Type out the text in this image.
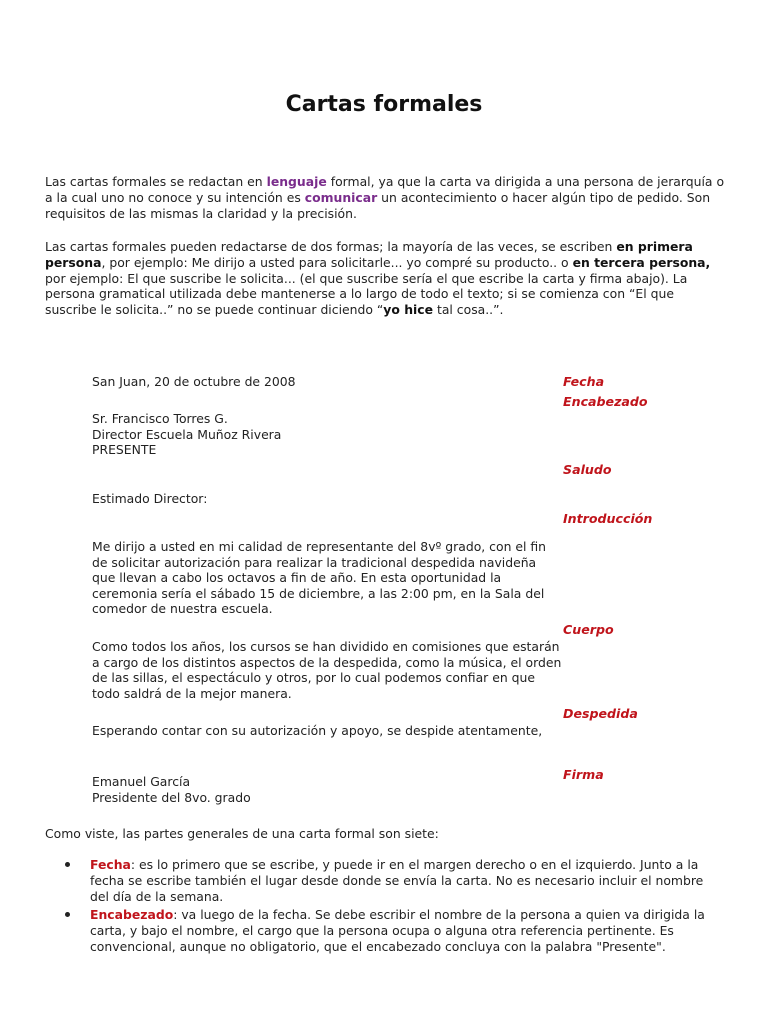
Cartas formales
Las cartas formales se redactan en lenguaje formal, ya que la carta va dirigida a una persona de jerarquía o a la cual uno no conoce y su intención es comunicar un acontecimiento o hacer algún tipo de pedido. Son requisitos de las mismas la claridad y la precisión.
Las cartas formales pueden redactarse de dos formas; la mayoría de las veces, se escriben en primera persona, por ejemplo: Me dirijo a usted para solicitarle... yo compré su producto.. o en tercera persona, por ejemplo: El que suscribe le solicita... (el que suscribe sería el que escribe la carta y firma abajo). La persona gramatical utilizada debe mantenerse a lo largo de todo el texto; si se comienza con “El que suscribe le solicita..” no se puede continuar diciendo “yo hice tal cosa..”.
San Juan, 20 de octubre de 2008
Sr. Francisco Torres G.
Director Escuela Muñoz Rivera
PRESENTE
Estimado Director:
Me dirijo a usted en mi calidad de representante del 8vº grado, con el fin de solicitar autorización para realizar la tradicional despedida navideña que llevan a cabo los octavos a fin de año. En esta oportunidad la ceremonia sería el sábado 15 de diciembre, a las 2:00 pm, en la Sala del comedor de nuestra escuela.
Como todos los años, los cursos se han dividido en comisiones que estarán a cargo de los distintos aspectos de la despedida, como la música, el orden de las sillas, el espectáculo y otros, por lo cual podemos confiar en que todo saldrá de la mejor manera.
Esperando contar con su autorización y apoyo, se despide atentamente,
Emanuel García
Presidente del 8vo. grado
Fecha
Encabezado
Saludo
Introducción
Cuerpo
Despedida
Firma
Como viste, las partes generales de una carta formal son siete:
Fecha: es lo primero que se escribe, y puede ir en el margen derecho o en el izquierdo. Junto a la fecha se escribe también el lugar desde donde se envía la carta. No es necesario incluir el nombre del día de la semana.
Encabezado: va luego de la fecha. Se debe escribir el nombre de la persona a quien va dirigida la carta, y bajo el nombre, el cargo que la persona ocupa o alguna otra referencia pertinente. Es convencional, aunque no obligatorio, que el encabezado concluya con la palabra "Presente".
